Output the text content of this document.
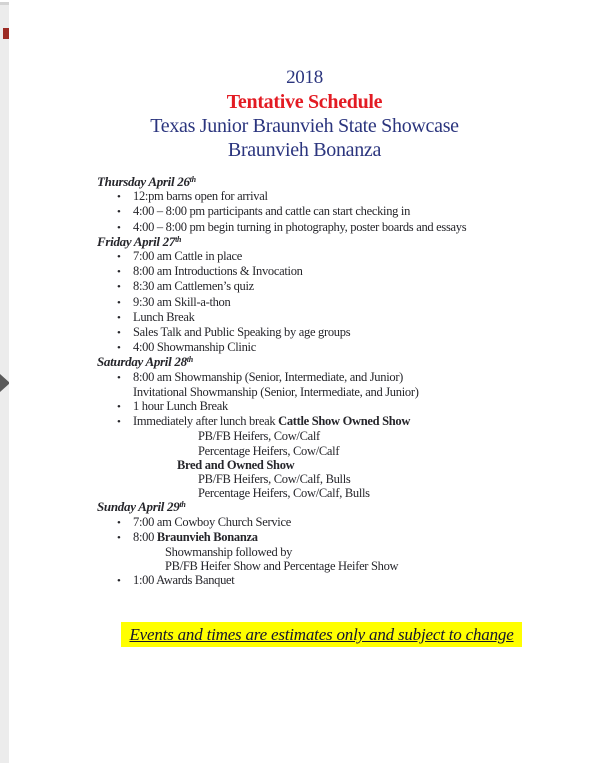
2018
Tentative Schedule
Texas Junior Braunvieh State Showcase
Braunvieh Bonanza
Thursday April 26th
• 12:pm barns open for arrival
• 4:00 – 8:00 pm participants and cattle can start checking in
• 4:00 – 8:00 pm begin turning in photography, poster boards and essays
Friday April 27th
• 7:00 am Cattle in place
• 8:00 am Introductions & Invocation
• 8:30 am Cattlemen’s quiz
• 9:30 am Skill-a-thon
• Lunch Break
• Sales Talk and Public Speaking by age groups
• 4:00 Showmanship Clinic
Saturday April 28th
• 8:00 am Showmanship (Senior, Intermediate, and Junior)
Invitational Showmanship (Senior, Intermediate, and Junior)
• 1 hour Lunch Break
• Immediately after lunch break Cattle Show Owned Show
PB/FB Heifers, Cow/Calf
Percentage Heifers, Cow/Calf
Bred and Owned Show
PB/FB Heifers, Cow/Calf, Bulls
Percentage Heifers, Cow/Calf, Bulls
Sunday April 29th
• 7:00 am Cowboy Church Service
• 8:00 Braunvieh Bonanza
Showmanship followed by
PB/FB Heifer Show and Percentage Heifer Show
• 1:00 Awards Banquet
Events and times are estimates only and subject to change
